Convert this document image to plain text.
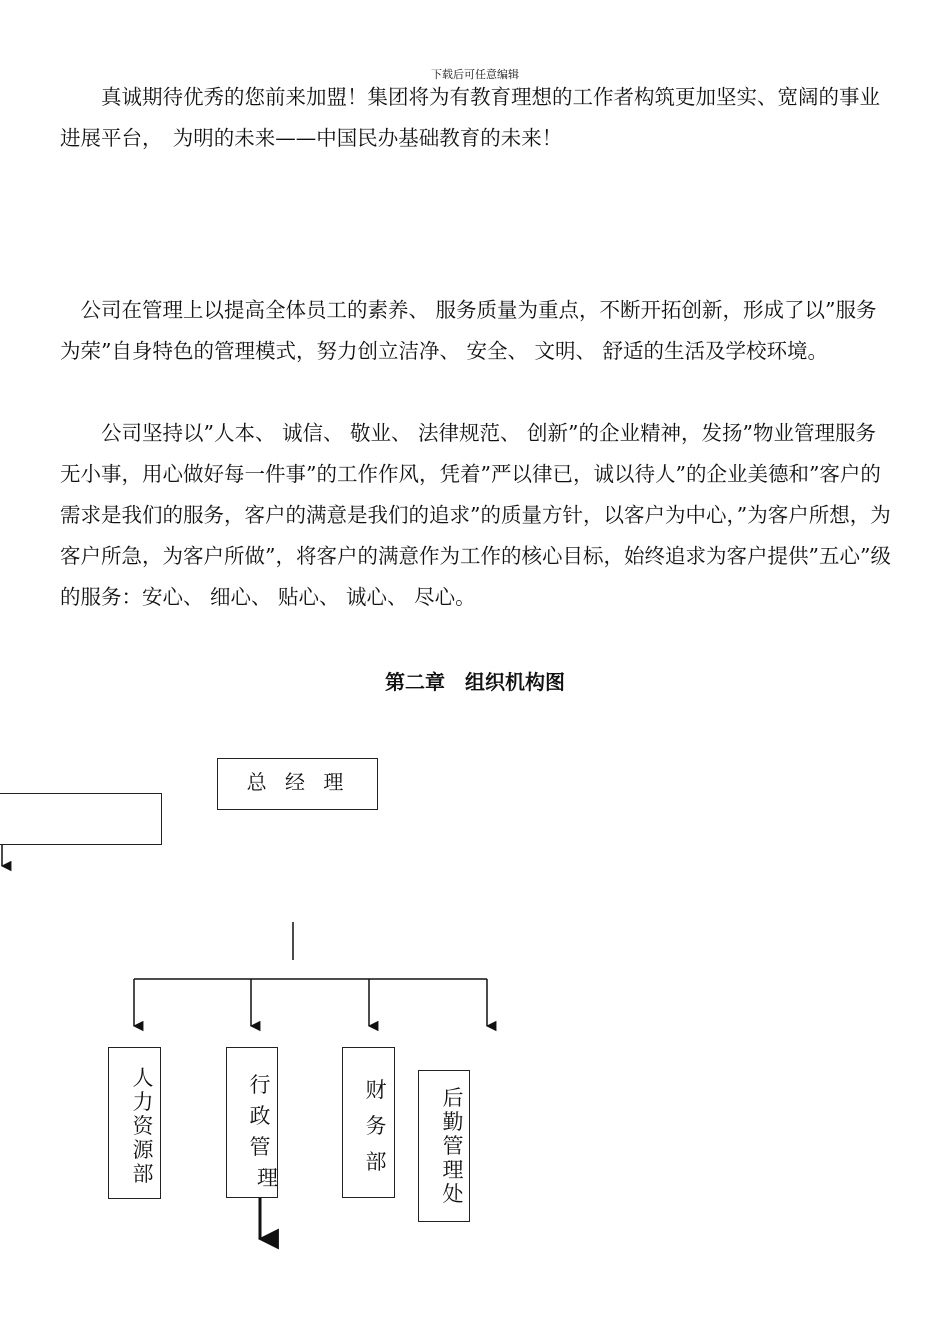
下载后可任意编辑

　　真诚期待优秀的您前来加盟！集团将为有教育理想的工作者构筑更加坚实、宽阔的事业进展平台，　为明的未来——中国民办基础教育的未来！

　公司在管理上以提高全体员工的素养、 服务质量为重点，不断开拓创新，形成了以”服务为荣”自身特色的管理模式，努力创立洁净、 安全、 文明、 舒适的生活及学校环境。

　　公司坚持以”人本、 诚信、 敬业、 法律规范、 创新”的企业精神，发扬”物业管理服务无小事，用心做好每一件事”的工作作风，凭着”严以律已，诚以待人”的企业美德和”客户的需求是我们的服务，客户的满意是我们的追求”的质量方针，以客户为中心，”为客户所想，为客户所急，为客户所做”，将客户的满意作为工作的核心目标，始终追求为客户提供”五心”级的服务：安心、 细心、 贴心、 诚心、 尽心。

第二章　组织机构图
总 经 理
人
力
资
源
部
行
政
管
理
财
务
部
后
勤
管
理
处
